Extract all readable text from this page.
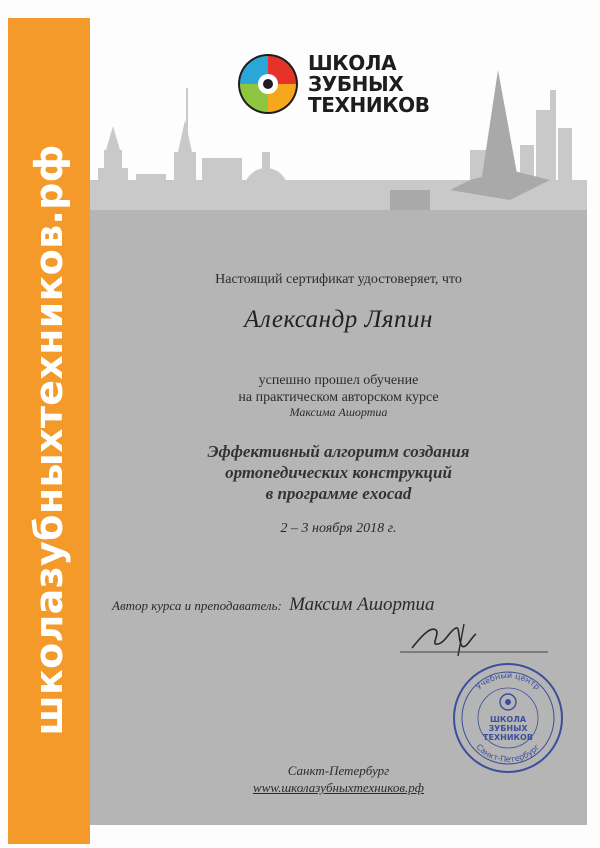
школазубныхтехников.рф
ШКОЛА
ЗУБНЫХ
ТЕХНИКОВ
Настоящий сертификат удостоверяет, что
Александр Ляпин
успешно прошел обучение
на практическом авторском курсе
Максима Ашортиа
Эффективный алгоритм создания
ортопедических конструкций
в программе exocad
2 – 3 ноября 2018 г.
Автор курса и преподаватель: Максим Ашортиа
Учебный центр
Санкт-Петербург
ШКОЛА
ЗУБНЫХ
ТЕХНИКОВ
Санкт-Петербург
www.школазубныхтехников.рф
